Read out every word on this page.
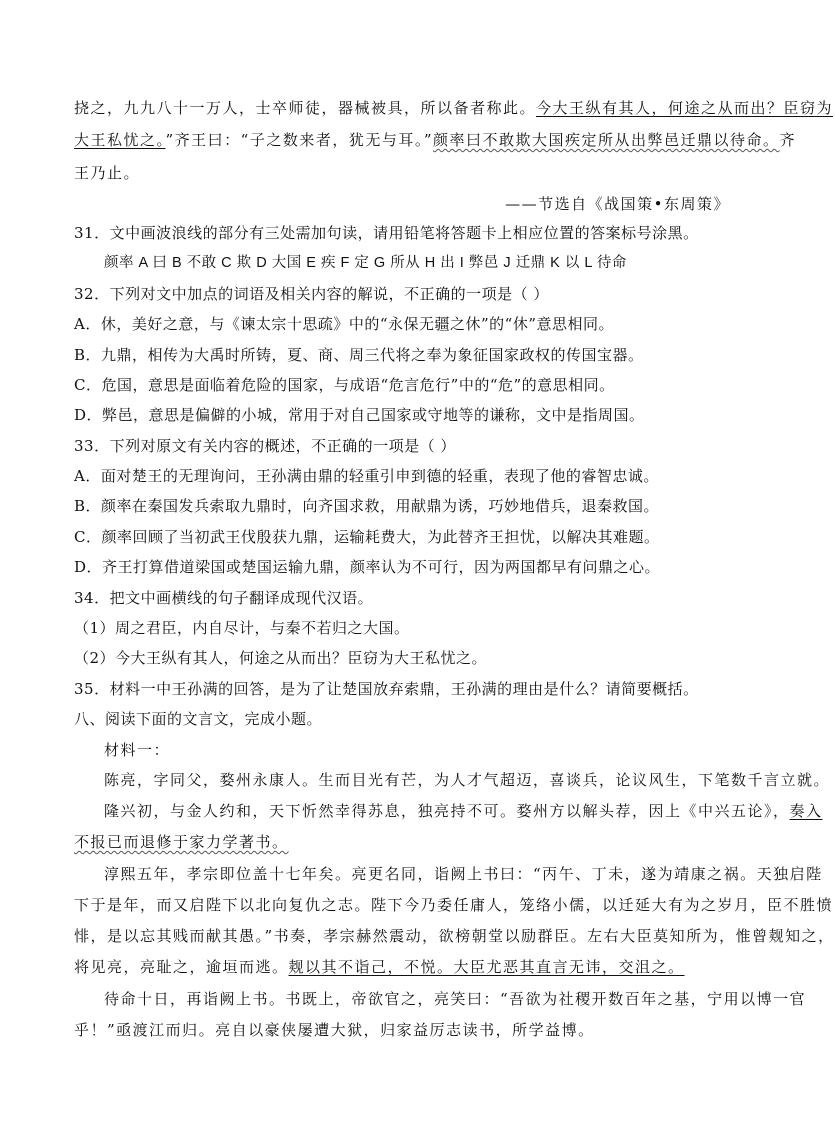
挠之，九九八十一万人，士卒师徒，器械被具，所以备者称此。今大王纵有其人，何途之从而出？臣窃为
大王私忧之。”齐王曰：“子之数来者，犹无与耳。”颜率曰不敢欺大国疾定所从出弊邑迁鼎以待命。齐
王乃止。
——节选自《战国策•东周策》
31．文中画波浪线的部分有三处需加句读，请用铅笔将答题卡上相应位置的答案标号涂黑。
颜率 A 曰 B 不敢 C 欺 D 大国 E 疾 F 定 G 所从 H 出 I 弊邑 J 迁鼎 K 以 L 待命
32．下列对文中加点的词语及相关内容的解说，不正确的一项是（ ）
A．休，美好之意，与《谏太宗十思疏》中的“永保无疆之休”的“休”意思相同。
B．九鼎，相传为大禹时所铸，夏、商、周三代将之奉为象征国家政权的传国宝器。
C．危国，意思是面临着危险的国家，与成语“危言危行”中的“危”的意思相同。
D．弊邑，意思是偏僻的小城，常用于对自己国家或守地等的谦称，文中是指周国。
33．下列对原文有关内容的概述，不正确的一项是（ ）
A．面对楚王的无理询问，王孙满由鼎的轻重引申到德的轻重，表现了他的睿智忠诚。
B．颜率在秦国发兵索取九鼎时，向齐国求救，用献鼎为诱，巧妙地借兵，退秦救国。
C．颜率回顾了当初武王伐殷获九鼎，运输耗费大，为此替齐王担忧，以解决其难题。
D．齐王打算借道梁国或楚国运输九鼎，颜率认为不可行，因为两国都早有问鼎之心。
34．把文中画横线的句子翻译成现代汉语。
（1）周之君臣，内自尽计，与秦不若归之大国。
（2）今大王纵有其人，何途之从而出？臣窃为大王私忧之。
35．材料一中王孙满的回答，是为了让楚国放弃索鼎，王孙满的理由是什么？请简要概括。
八、阅读下面的文言文，完成小题。
材料一：
陈亮，字同父，婺州永康人。生而目光有芒，为人才气超迈，喜谈兵，论议风生，下笔数千言立就。
隆兴初，与金人约和，天下忻然幸得苏息，独亮持不可。婺州方以解头荐，因上《中兴五论》，奏入
不报已而退修于家力学著书。
淳熙五年，孝宗即位盖十七年矣。亮更名同，诣阙上书曰：“丙午、丁未，遂为靖康之祸。天独启陛
下于是年，而又启陛下以北向复仇之志。陛下今乃委任庸人，笼络小儒，以迁延大有为之岁月，臣不胜愤
悱，是以忘其贱而献其愚。”书奏，孝宗赫然震动，欲榜朝堂以励群臣。左右大臣莫知所为，惟曾觌知之，
将见亮，亮耻之，逾垣而逃。觌以其不诣己，不悦。大臣尤恶其直言无讳，交沮之。
待命十日，再诣阙上书。书既上，帝欲官之，亮笑曰：“吾欲为社稷开数百年之基，宁用以博一官
乎！”亟渡江而归。亮自以豪侠屡遭大狱，归家益厉志读书，所学益博。
